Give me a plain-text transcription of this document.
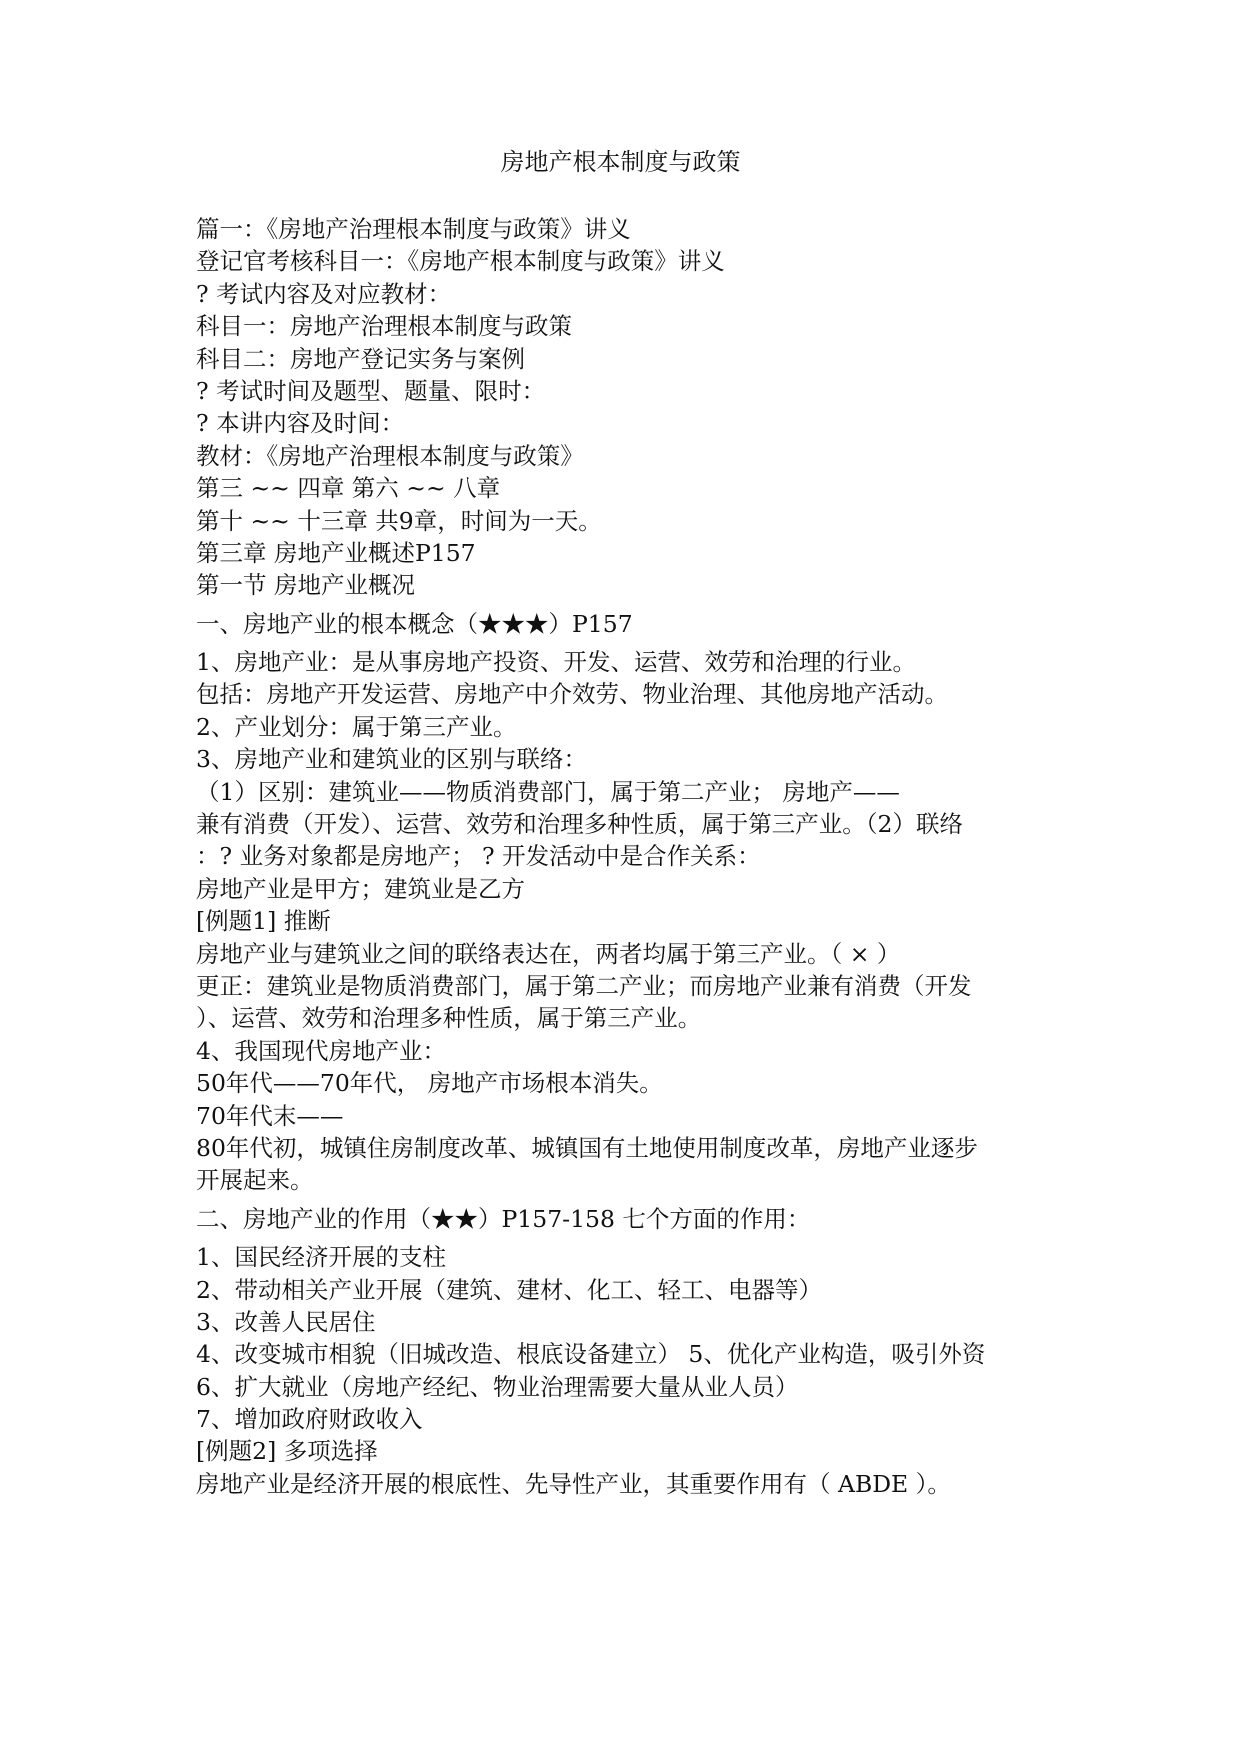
房地产根本制度与政策
篇一：《房地产治理根本制度与政策》讲义
登记官考核科目一：《房地产根本制度与政策》讲义
? 考试内容及对应教材：
科目一：房地产治理根本制度与政策
科目二：房地产登记实务与案例
? 考试时间及题型、题量、限时：
? 本讲内容及时间：
教材：《房地产治理根本制度与政策》
第三 ~~ 四章 第六 ~~ 八章
第十 ~~ 十三章 共9章，时间为一天。
第三章 房地产业概述P157
第一节 房地产业概况
一、房地产业的根本概念（★★★）P157
1、房地产业：是从事房地产投资、开发、运营、效劳和治理的行业。
包括：房地产开发运营、房地产中介效劳、物业治理、其他房地产活动。
2、产业划分：属于第三产业。
3、房地产业和建筑业的区别与联络：
（1）区别：建筑业——物质消费部门，属于第二产业； 房地产——
兼有消费（开发）、运营、效劳和治理多种性质，属于第三产业。（2）联络
：? 业务对象都是房地产； ? 开发活动中是合作关系：
房地产业是甲方；建筑业是乙方
[例题1] 推断
房地产业与建筑业之间的联络表达在，两者均属于第三产业。（ × ）
更正：建筑业是物质消费部门，属于第二产业；而房地产业兼有消费（开发
）、运营、效劳和治理多种性质，属于第三产业。
4、我国现代房地产业：
50年代——70年代， 房地产市场根本消失。
70年代末——
80年代初，城镇住房制度改革、城镇国有土地使用制度改革，房地产业逐步
开展起来。
二、房地产业的作用（★★）P157-158 七个方面的作用：
1、国民经济开展的支柱
2、带动相关产业开展（建筑、建材、化工、轻工、电器等）
3、改善人民居住
4、改变城市相貌（旧城改造、根底设备建立） 5、优化产业构造，吸引外资
6、扩大就业（房地产经纪、物业治理需要大量从业人员）
7、增加政府财政收入
[例题2] 多项选择
房地产业是经济开展的根底性、先导性产业，其重要作用有（ ABDE ）。
